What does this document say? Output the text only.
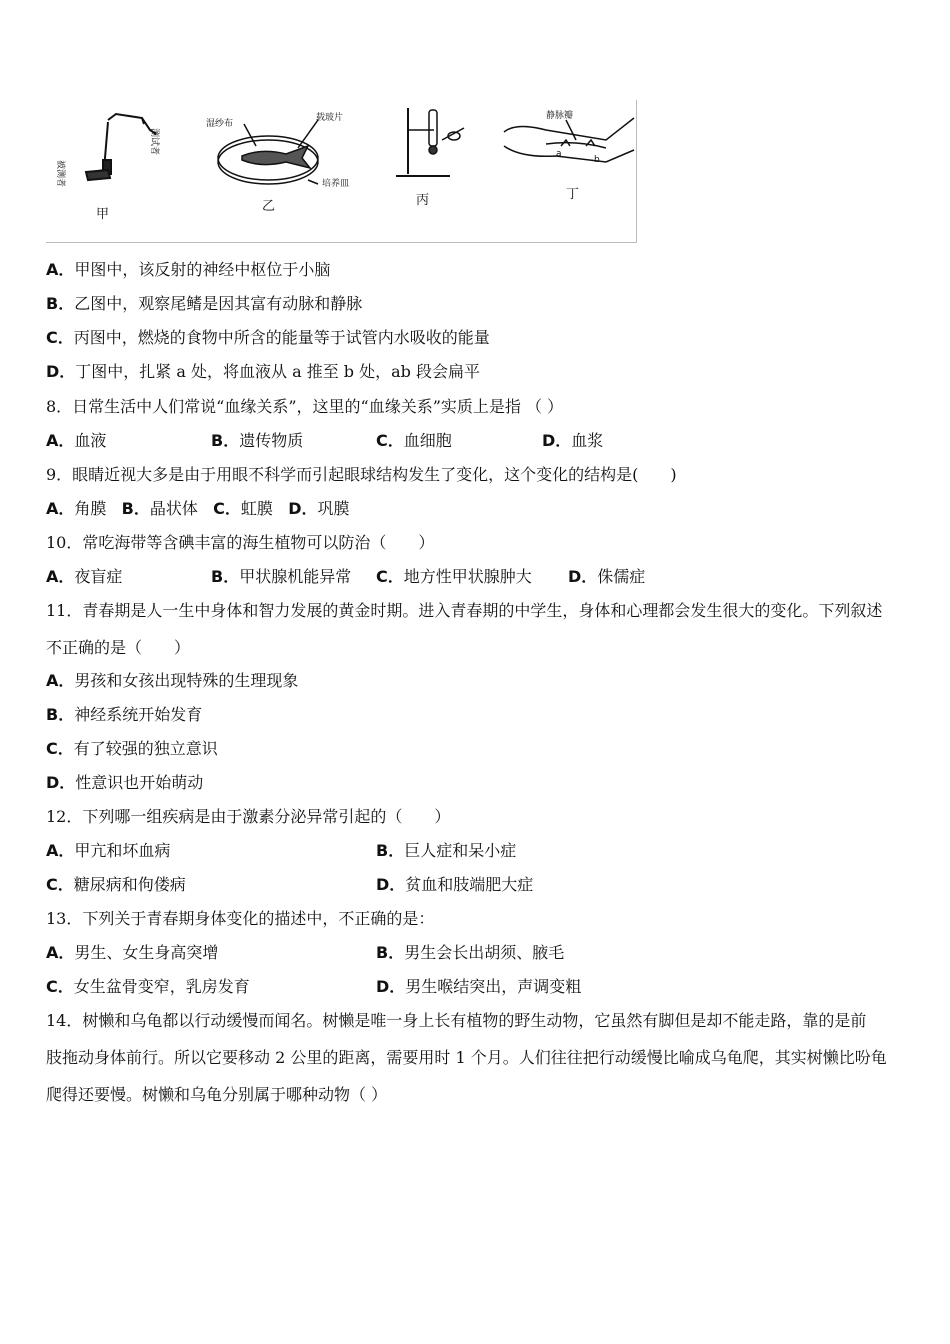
测试者
被测者
甲
湿纱布
载玻片
培养皿
乙	丙
静脉瓣
a
b
丁
A．甲图中，该反射的神经中枢位于小脑
B．乙图中，观察尾鳍是因其富有动脉和静脉
C．丙图中，燃烧的食物中所含的能量等于试管内水吸收的能量
D．丁图中，扎紧 a 处，将血液从 a 推至 b 处，ab 段会扁平
8．日常生活中人们常说“血缘关系”，这里的“血缘关系”实质上是指 （ ）
A．血液	B．遗传物质	C．血细胞	D．血浆
9．眼睛近视大多是由于用眼不科学而引起眼球结构发生了变化，这个变化的结构是(　　)
A．角膜 B．晶状体 C．虹膜 D．巩膜
10．常吃海带等含碘丰富的海生植物可以防治（　　）
A．夜盲症	B．甲状腺机能异常 C．地方性甲状腺肿大 D．侏儒症
11．青春期是人一生中身体和智力发展的黄金时期。进入青春期的中学生，身体和心理都会发生很大的变化。下列叙述
不正确的是（　　）
A．男孩和女孩出现特殊的生理现象
B．神经系统开始发育
C．有了较强的独立意识
D．性意识也开始萌动
12．下列哪一组疾病是由于激素分泌异常引起的（　　）
A．甲亢和坏血病	B．巨人症和呆小症
C．糖尿病和佝偻病	D．贫血和肢端肥大症
13．下列关于青春期身体变化的描述中，不正确的是：
A．男生、女生身高突增	B．男生会长出胡须、腋毛
C．女生盆骨变窄，乳房发育	D．男生喉结突出，声调变粗
14．树懒和乌龟都以行动缓慢而闻名。树懒是唯一身上长有植物的野生动物，它虽然有脚但是却不能走路，靠的是前
肢拖动身体前行。所以它要移动 2 公里的距离，需要用时 1 个月。人们往往把行动缓慢比喻成乌龟爬，其实树懒比吩龟
爬得还要慢。树懒和乌龟分别属于哪种动物（ ）
